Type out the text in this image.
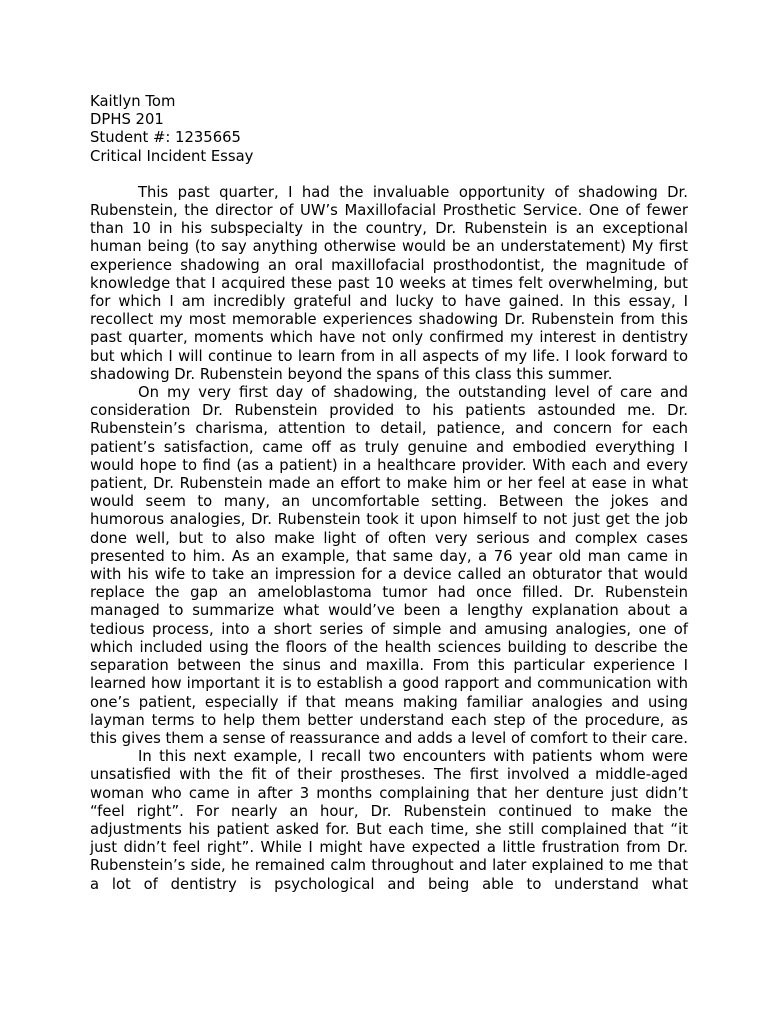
Kaitlyn Tom
DPHS 201
Student #: 1235665
Critical Incident Essay

This past quarter, I had the invaluable opportunity of shadowing Dr. Rubenstein, the director of UW’s Maxillofacial Prosthetic Service. One of fewer than 10 in his subspecialty in the country, Dr. Rubenstein is an exceptional human being (to say anything otherwise would be an understatement) My first experience shadowing an oral maxillofacial prosthodontist, the magnitude of knowledge that I acquired these past 10 weeks at times felt overwhelming, but for which I am incredibly grateful and lucky to have gained. In this essay, I recollect my most memorable experiences shadowing Dr. Rubenstein from this past quarter, moments which have not only confirmed my interest in dentistry but which I will continue to learn from in all aspects of my life. I look forward to shadowing Dr. Rubenstein beyond the spans of this class this summer.

On my very first day of shadowing, the outstanding level of care and consideration Dr. Rubenstein provided to his patients astounded me. Dr. Rubenstein’s charisma, attention to detail, patience, and concern for each patient’s satisfaction, came off as truly genuine and embodied everything I would hope to find (as a patient) in a healthcare provider. With each and every patient, Dr. Rubenstein made an effort to make him or her feel at ease in what would seem to many, an uncomfortable setting. Between the jokes and humorous analogies, Dr. Rubenstein took it upon himself to not just get the job done well, but to also make light of often very serious and complex cases presented to him. As an example, that same day, a 76 year old man came in with his wife to take an impression for a device called an obturator that would replace the gap an ameloblastoma tumor had once filled. Dr. Rubenstein managed to summarize what would’ve been a lengthy explanation about a tedious process, into a short series of simple and amusing analogies, one of which included using the floors of the health sciences building to describe the separation between the sinus and maxilla. From this particular experience I learned how important it is to establish a good rapport and communication with one’s patient, especially if that means making familiar analogies and using layman terms to help them better understand each step of the procedure, as this gives them a sense of reassurance and adds a level of comfort to their care.

In this next example, I recall two encounters with patients whom were unsatisfied with the fit of their prostheses. The first involved a middle-aged woman who came in after 3 months complaining that her denture just didn’t “feel right”. For nearly an hour, Dr. Rubenstein continued to make the adjustments his patient asked for. But each time, she still complained that “it just didn’t feel right”. While I might have expected a little frustration from Dr. Rubenstein’s side, he remained calm throughout and later explained to me that a lot of dentistry is psychological and being able to understand what
